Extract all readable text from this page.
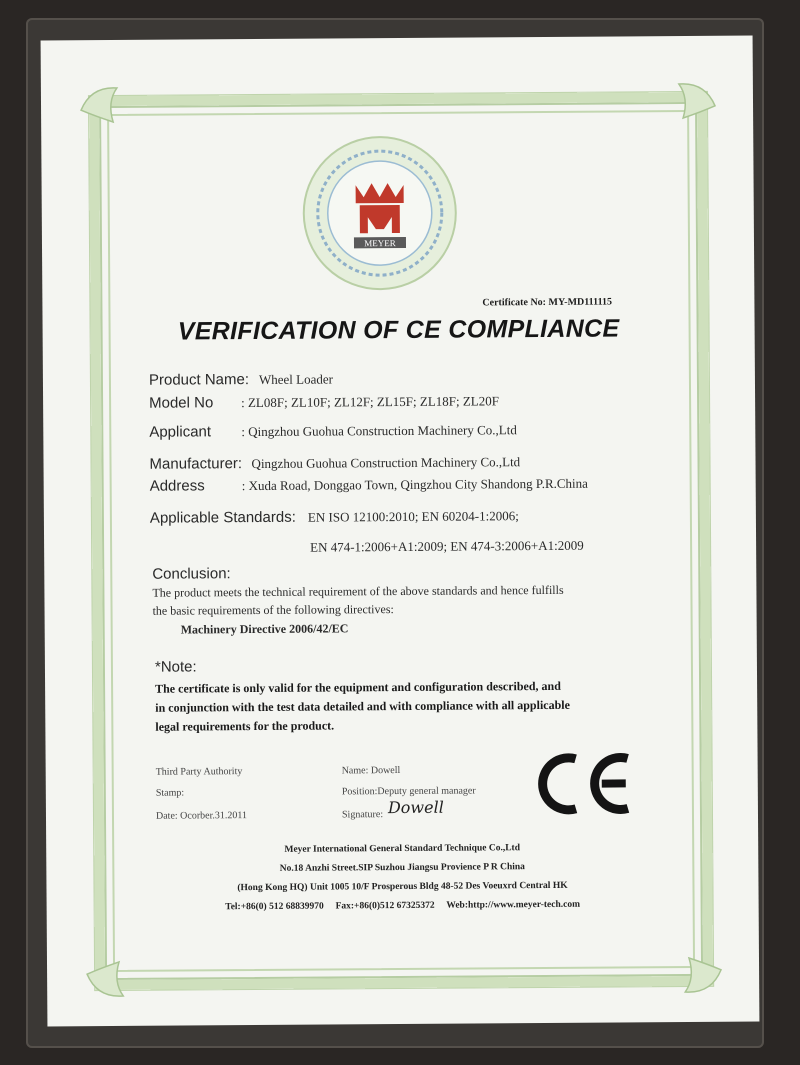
MEYER
Certificate No: MY-MD111115
VERIFICATION OF CE COMPLIANCE
Product Name: Wheel Loader
Model No : ZL08F; ZL10F; ZL12F; ZL15F; ZL18F; ZL20F
Applicant : Qingzhou Guohua Construction Machinery Co.,Ltd
Manufacturer: Qingzhou Guohua Construction Machinery Co.,Ltd
Address	: Xuda Road, Donggao Town, Qingzhou City Shandong P.R.China
Applicable Standards: EN ISO 12100:2010; EN 60204-1:2006;
EN 474-1:2006+A1:2009; EN 474-3:2006+A1:2009
Conclusion:
The product meets the technical requirement of the above standards and hence fulfills
the basic requirements of the following directives:
Machinery Directive 2006/42/EC
*Note:
The certificate is only valid for the equipment and configuration described, and
in conjunction with the test data detailed and with compliance with all applicable
legal requirements for the product.
Third Party Authority
Stamp:
Date: Ocorber.31.2011
Name: Dowell
Position:Deputy general manager
Signature: Dowell
Meyer International General Standard Technique Co.,Ltd
No.18 Anzhi Street.SIP Suzhou Jiangsu Provience P R China
(Hong Kong HQ) Unit 1005 10/F Prosperous Bldg 48-52 Des Voeuxrd Central HK
Tel:+86(0) 512 68839970     Fax:+86(0)512 67325372     Web:http://www.meyer-tech.com
